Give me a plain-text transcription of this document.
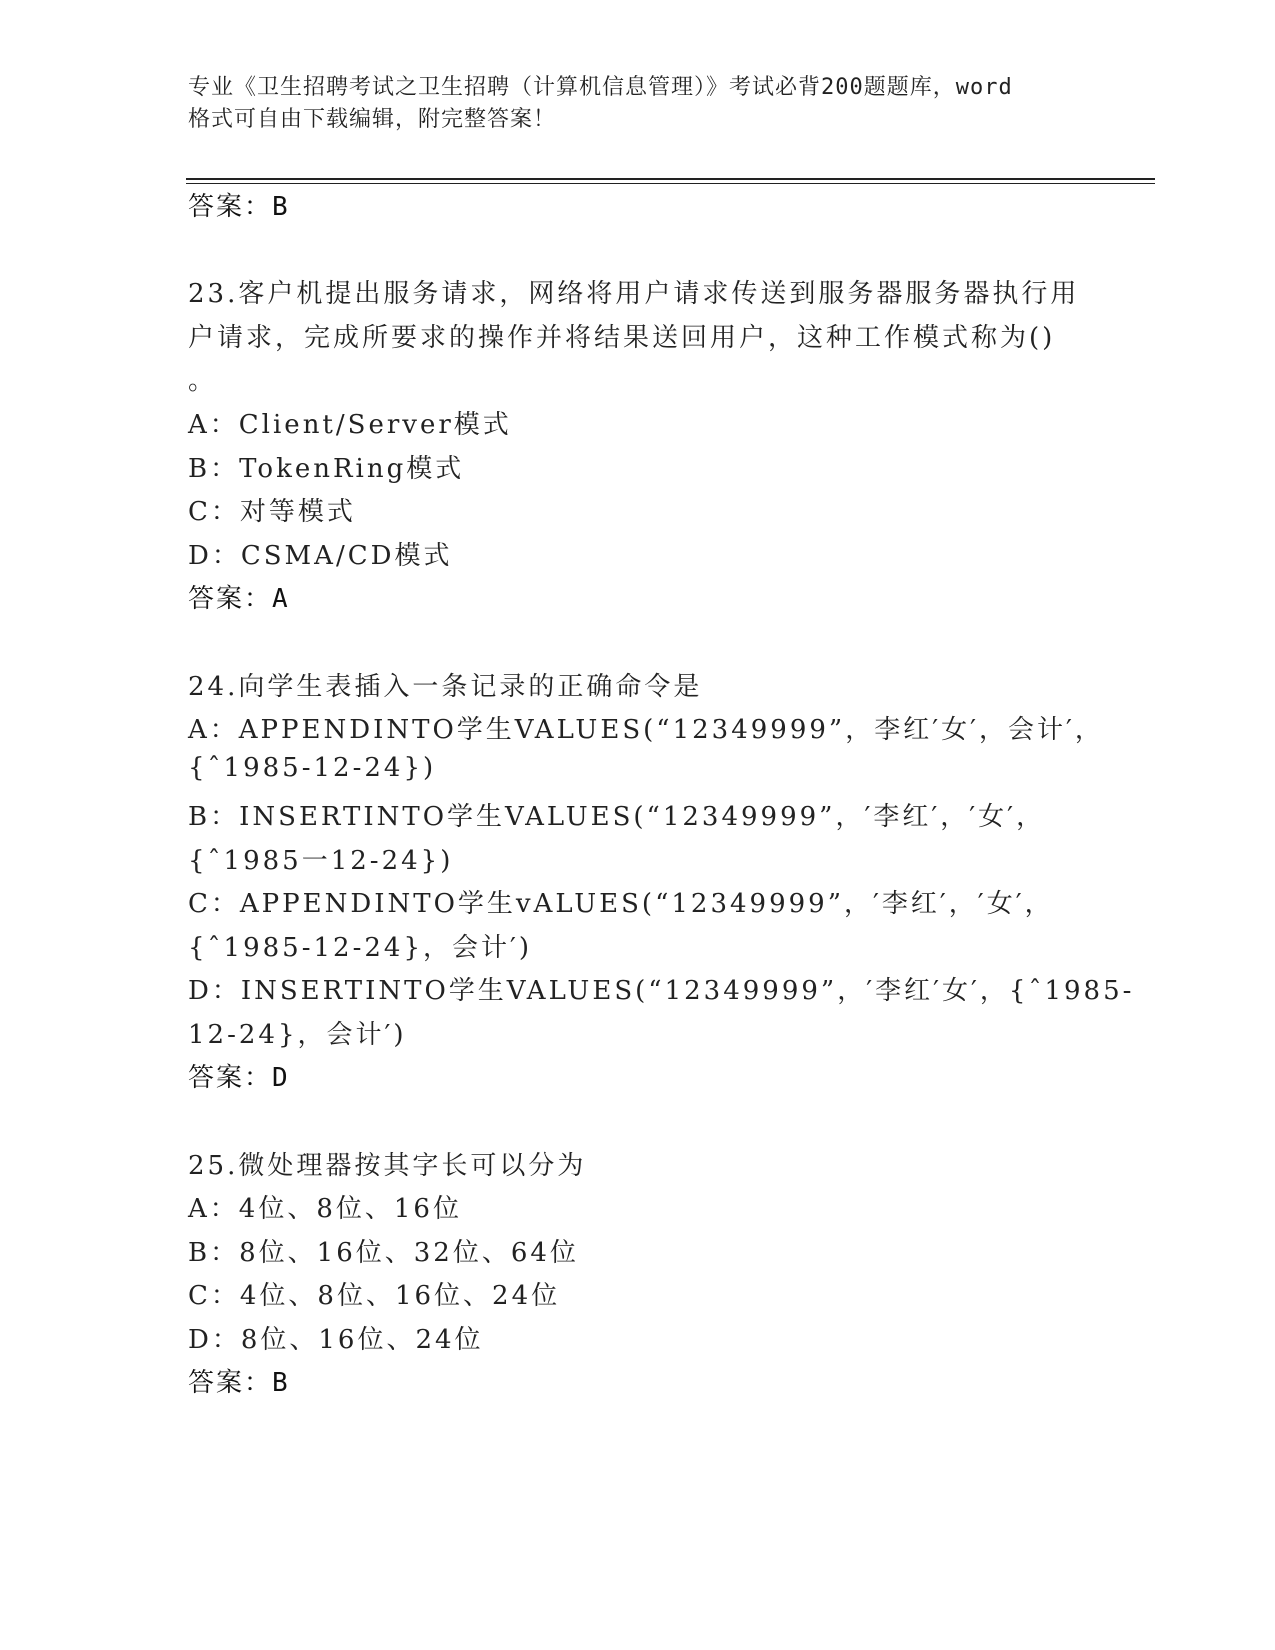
专业《卫生招聘考试之卫生招聘（计算机信息管理）》考试必背200题题库，word
格式可自由下载编辑，附完整答案！
答案：B
23.客户机提出服务请求，网络将用户请求传送到服务器服务器执行用
户请求，完成所要求的操作并将结果送回用户，这种工作模式称为()
。
A：Client/Server模式
B：TokenRing模式
C：对等模式
D：CSMA/CD模式
答案：A
24.向学生表插入一条记录的正确命令是
A：APPENDINTO学生VALUES(“12349999”，李红′女′，会计′，
{ˆ1985-12-24})
B：INSERTINTO学生VALUES(“12349999”，′李红′，′女′，
{ˆ1985一12-24})
C：APPENDINTO学生vALUES(“12349999”，′李红′，′女′，
{ˆ1985-12-24}，会计′)
D：INSERTINTO学生VALUES(“12349999”，′李红′女′，{ˆ1985-
12-24}，会计′)
答案：D
25.微处理器按其字长可以分为
A：4位、8位、16位
B：8位、16位、32位、64位
C：4位、8位、16位、24位
D：8位、16位、24位
答案：B
